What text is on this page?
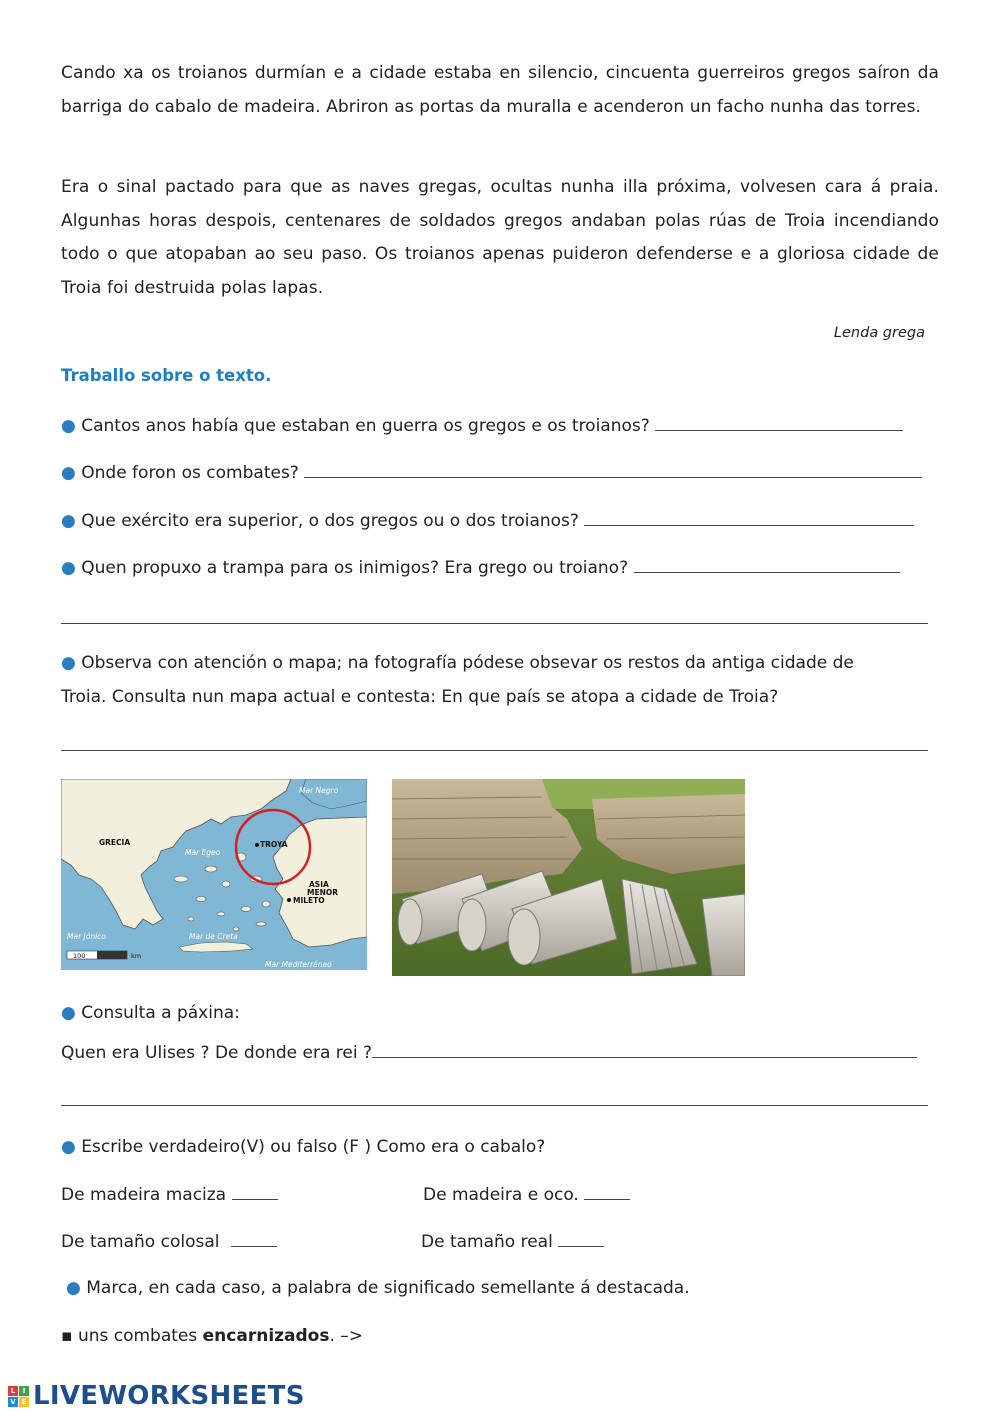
Cando xa os troianos durmían e a cidade estaba en silencio, cincuenta guerreiros gregos saíron da barriga do cabalo de madeira. Abriron as portas da muralla e acenderon un facho nunha das torres.

Era o sinal pactado para que as naves gregas, ocultas nunha illa próxima, volvesen cara á praia. Algunhas horas despois, centenares de soldados gregos andaban polas rúas de Troia incendiando todo o que atopaban ao seu paso. Os troianos apenas puideron defenderse e a gloriosa cidade de Troia foi destruida polas lapas.

Lenda grega
Traballo sobre o texto.
● Cantos anos había que estaban en guerra os gregos e os troianos?
● Onde foron os combates?
● Que exército era superior, o dos gregos ou o dos troianos?
● Quen propuxo a trampa para os inimigos? Era grego ou troiano?
● Observa con atención o mapa; na fotografía pódese obsevar os restos da antiga cidade de
Troia. Consulta nun mapa actual e contesta: En que país se atopa a cidade de Troia?
Mar Negro
Mar Egeo
Mar Jónico	Mar de Creta
Mar Mediterráneo
GRECIA	TROYA
ASIA
MENOR
MILETO
100	km
● Consulta a páxina:
Quen era Ulises ? De donde era rei ?
● Escribe verdadeiro(V) ou falso (F ) Como era o cabalo?
De madeira maciza	De madeira e oco.
De tamaño colosal	De tamaño real
● Marca, en cada caso, a palabra de significado semellante á destacada.
▪ uns combates encarnizados. –>
L	I
V E LIVEWORKSHEETS
